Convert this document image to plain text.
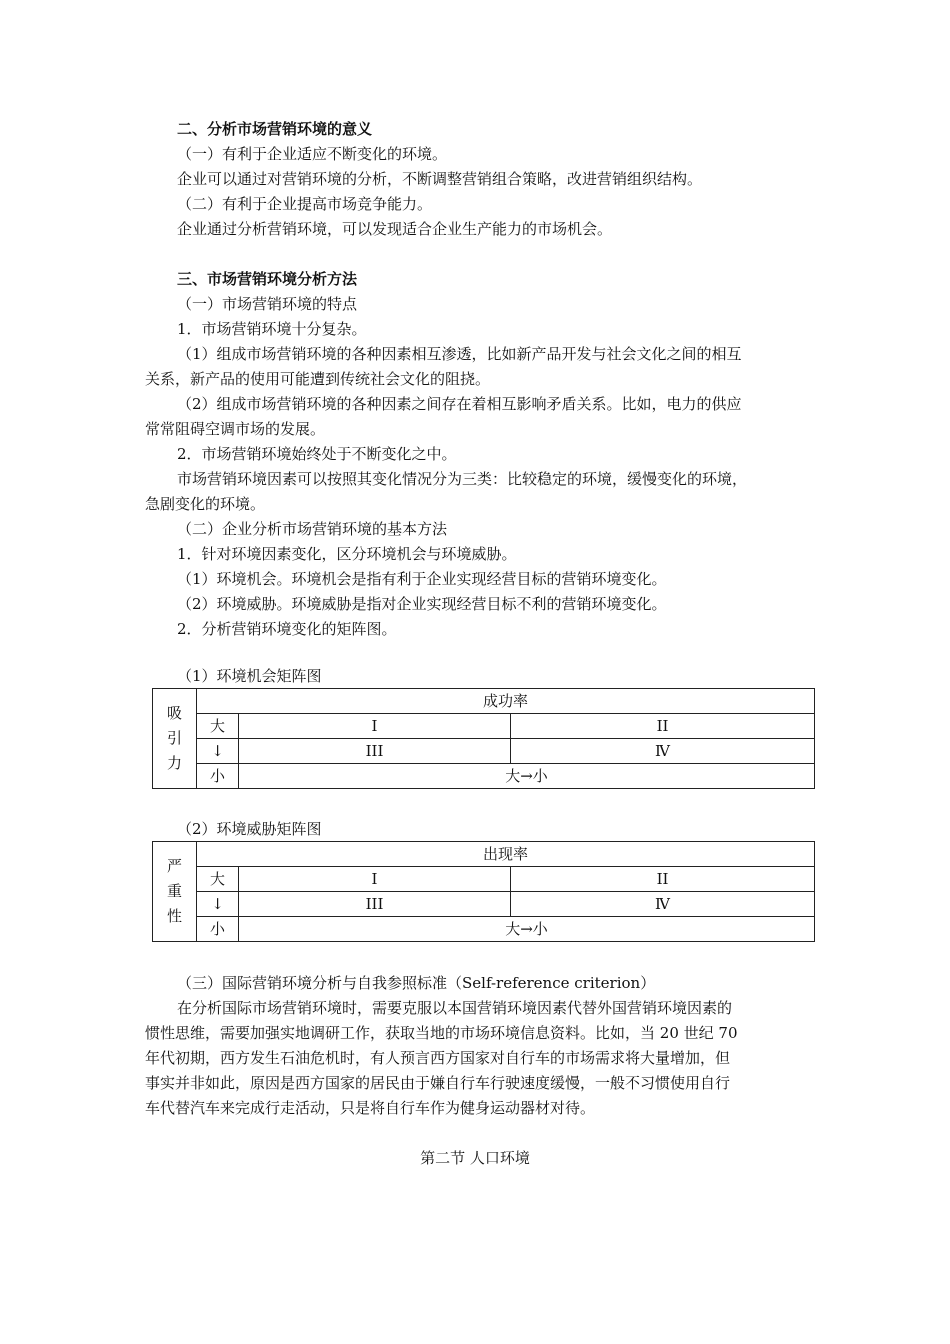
二、分析市场营销环境的意义
（一）有利于企业适应不断变化的环境。
企业可以通过对营销环境的分析，不断调整营销组合策略，改进营销组织结构。
（二）有利于企业提高市场竞争能力。
企业通过分析营销环境，可以发现适合企业生产能力的市场机会。
三、市场营销环境分析方法
（一）市场营销环境的特点
1．市场营销环境十分复杂。
（1）组成市场营销环境的各种因素相互渗透，比如新产品开发与社会文化之间的相互
关系，新产品的使用可能遭到传统社会文化的阻挠。
（2）组成市场营销环境的各种因素之间存在着相互影响矛盾关系。比如，电力的供应
常常阻碍空调市场的发展。
2．市场营销环境始终处于不断变化之中。
市场营销环境因素可以按照其变化情况分为三类：比较稳定的环境，缓慢变化的环境，
急剧变化的环境。
（二）企业分析市场营销环境的基本方法
1．针对环境因素变化，区分环境机会与环境威胁。
（1）环境机会。环境机会是指有利于企业实现经营目标的营销环境变化。
（2）环境威胁。环境威胁是指对企业实现经营目标不利的营销环境变化。
2．分析营销环境变化的矩阵图。
（1）环境机会矩阵图
吸
引
力	成功率		
	大	I	II
	↓	III	Ⅳ
	小	大→小	
（2）环境威胁矩阵图
严
重
性	出现率		
	大	I	II
	↓	III	Ⅳ
	小	大→小	
（三）国际营销环境分析与自我参照标准（Self-reference criterion）
在分析国际市场营销环境时，需要克服以本国营销环境因素代替外国营销环境因素的
惯性思维，需要加强实地调研工作，获取当地的市场环境信息资料。比如，当 20 世纪 70
年代初期，西方发生石油危机时，有人预言西方国家对自行车的市场需求将大量增加，但
事实并非如此，原因是西方国家的居民由于嫌自行车行驶速度缓慢，一般不习惯使用自行
车代替汽车来完成行走活动，只是将自行车作为健身运动器材对待。
第二节 人口环境
